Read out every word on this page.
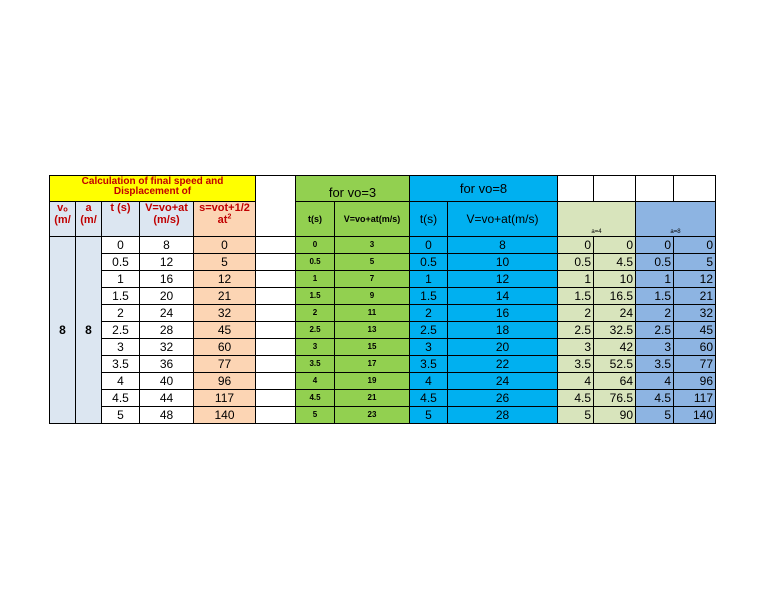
Calculation of final speed and Displacement of						for vo=3		for vo=8					
vₒ (m/	a (m/	t (s)	V=vo+at (m/s)	s=vot+1/2 $at^2$		t(s)	V=vo+at(m/s)	t(s)	V=vo+at(m/s)	a=4		a=8	
8	8	0	8	0		0	3	0	8	0	0	0	0
		0.5	12	5		0.5	5	0.5	10	0.5	4.5	0.5	5
		1	16	12		1	7	1	12	1	10	1	12
		1.5	20	21		1.5	9	1.5	14	1.5	16.5	1.5	21
		2	24	32		2	11	2	16	2	24	2	32
		2.5	28	45		2.5	13	2.5	18	2.5	32.5	2.5	45
		3	32	60		3	15	3	20	3	42	3	60
		3.5	36	77		3.5	17	3.5	22	3.5	52.5	3.5	77
		4	40	96		4	19	4	24	4	64	4	96
		4.5	44	117		4.5	21	4.5	26	4.5	76.5	4.5	117
		5	48	140		5	23	5	28	5	90	5	140
